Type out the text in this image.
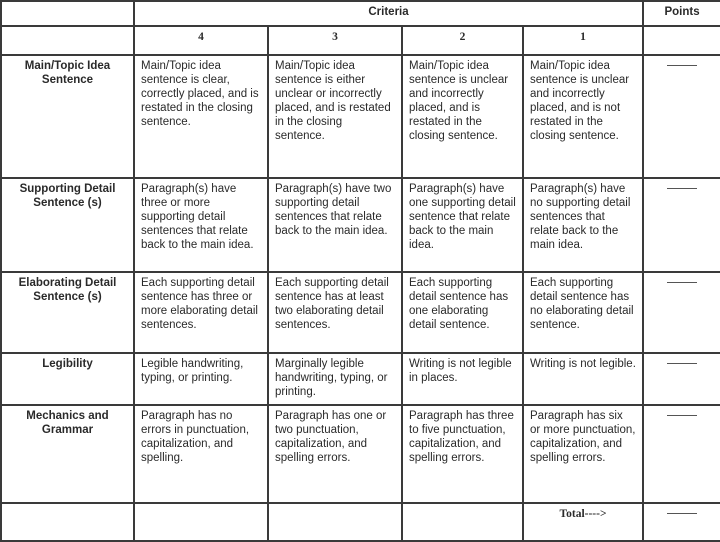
	Criteria				Points
	4	3	2	1	
Main/Topic Idea Sentence	Main/Topic idea sentence is clear, correctly placed, and is restated in the closing sentence.	Main/Topic idea sentence is either unclear or incorrectly placed, and is restated in the closing sentence.	Main/Topic idea sentence is unclear and incorrectly placed, and is restated in the closing sentence.	Main/Topic idea sentence is unclear and incorrectly placed, and is not restated in the closing sentence.	
Supporting Detail Sentence (s)	Paragraph(s) have three or more supporting detail sentences that relate back to the main idea.	Paragraph(s) have two supporting detail sentences that relate back to the main idea.	Paragraph(s) have one supporting detail sentence that relate back to the main idea.	Paragraph(s) have no supporting detail sentences that relate back to the main idea.	
Elaborating Detail Sentence (s)	Each supporting detail sentence has three or more elaborating detail sentences.	Each supporting detail sentence has at least two elaborating detail sentences.	Each supporting detail sentence has one elaborating detail sentence.	Each supporting detail sentence has no elaborating detail sentence.	
Legibility	Legible handwriting, typing, or printing.	Marginally legible handwriting, typing, or printing.	Writing is not legible in places.	Writing is not legible.	
Mechanics and Grammar	Paragraph has no errors in punctuation, capitalization, and spelling.	Paragraph has one or two punctuation, capitalization, and spelling errors.	Paragraph has three to five punctuation, capitalization, and spelling errors.	Paragraph has six or more punctuation, capitalization, and spelling errors.	
				Total---->	
